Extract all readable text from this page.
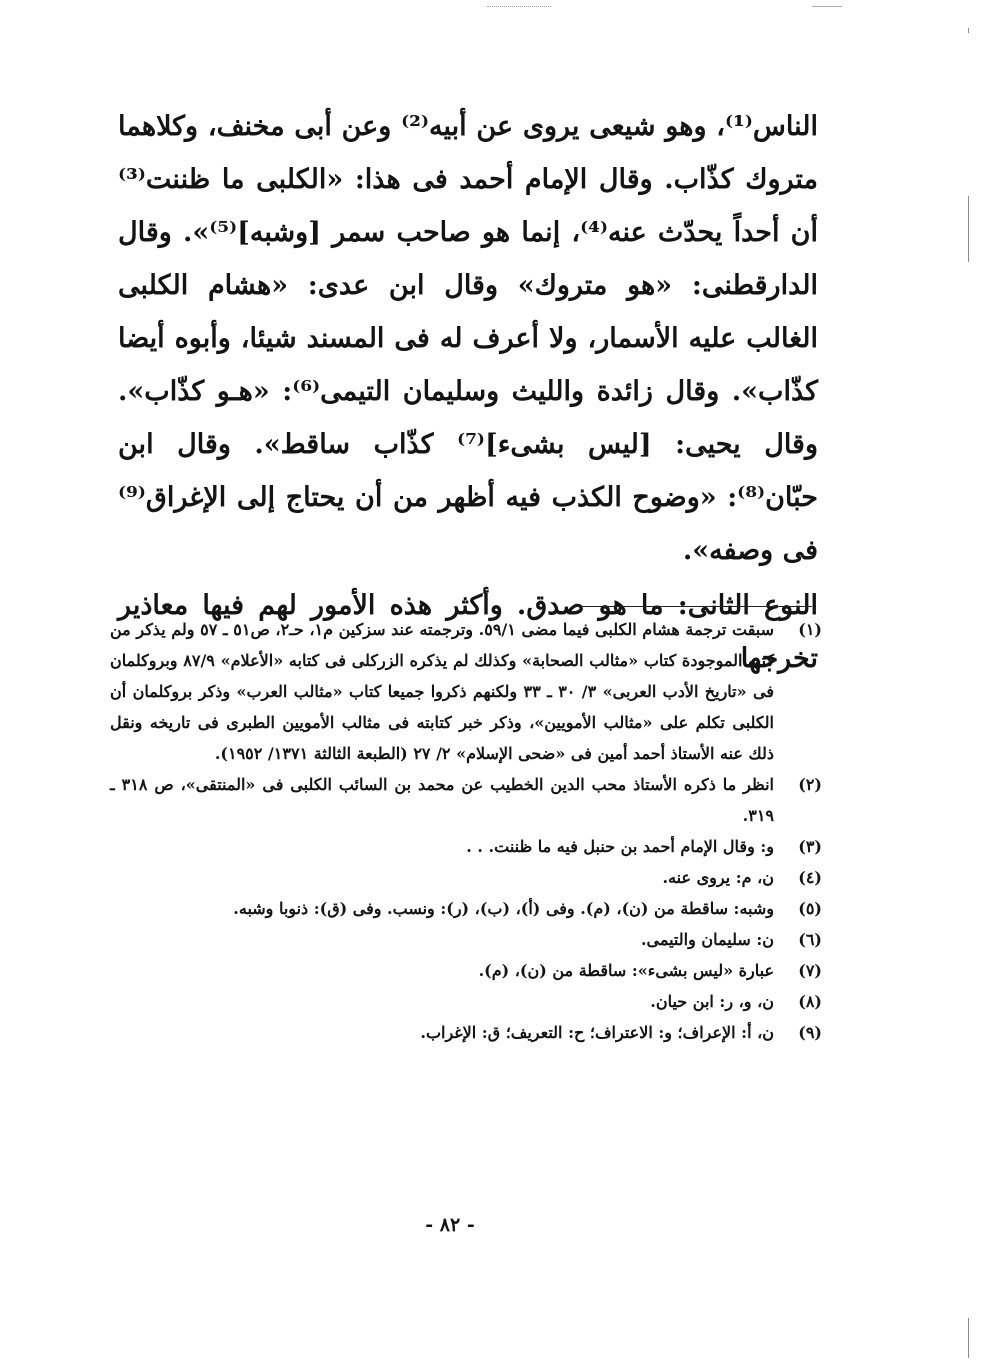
الناس⁽¹⁾، وهو شيعى يروى عن أبيه⁽²⁾ وعن أبى مخنف، وكلاهما متروك كذّاب. وقال الإمام أحمد فى هذا: «الكلبى ما ظننت⁽³⁾ أن أحداً يحدّث عنه⁽⁴⁾، إنما هو صاحب سمر [وشبه]⁽⁵⁾». وقال الدارقطنى: «هو متروك» وقال ابن عدى: «هشام الكلبى الغالب عليه الأسمار، ولا أعرف له فى المسند شيئا، وأبوه أيضا كذّاب». وقال زائدة والليث وسليمان التيمى⁽⁶⁾: «هـو كذّاب». وقال يحيى: [ليس بشىء]⁽⁷⁾ كذّاب ساقط». وقال ابن حبّان⁽⁸⁾: «وضوح الكذب فيه أظهر من أن يحتاج إلى الإغراق⁽⁹⁾ فى وصفه».

النوع الثانى: ما هو صدق. وأكثر هذه الأمور لهم فيها معاذير تخرجها

(١)
سبقت ترجمة هشام الكلبى فيما مضى ٥٩/١. وترجمته عند سزكين م١، حـ٢، ص٥١ ـ ٥٧ ولم يذكر من كتبه الموجودة كتاب «مثالب الصحابة» وكذلك لم يذكره الزركلى فى كتابه «الأعلام» ٨٧/٩ وبروكلمان فى «تاريخ الأدب العربى» ٣/ ٣٠ ـ ٣٣ ولكنهم ذكروا جميعا كتاب «مثالب العرب» وذكر بروكلمان أن الكلبى تكلم على «مثالب الأمويين»، وذكر خبر كتابته فى مثالب الأمويين الطبرى فى تاريخه ونقل ذلك عنه الأستاذ أحمد أمين فى «ضحى الإسلام» ٢/ ٢٧ (الطبعة الثالثة ١٣٧١/ ١٩٥٢).
(٢)
انظر ما ذكره الأستاذ محب الدين الخطيب عن محمد بن السائب الكلبى فى «المنتقى»، ص ٣١٨ ـ ٣١٩.
(٣)
و: وقال الإمام أحمد بن حنبل فيه ما ظننت. . .
(٤)
ن، م: يروى عنه.
(٥)
وشبه: ساقطة من (ن)، (م). وفى (أ)، (ب)، (ر): ونسب. وفى (ق): ذنوبا وشبه.
(٦)
ن: سليمان والتيمى.
(٧)
عبارة «ليس بشىء»: ساقطة من (ن)، (م).
(٨)
ن، و، ر: ابن حيان.
(٩)
ن، أ: الإعراف؛ و: الاعتراف؛ ح: التعريف؛ ق: الإغراب.
- ٨٢ -
